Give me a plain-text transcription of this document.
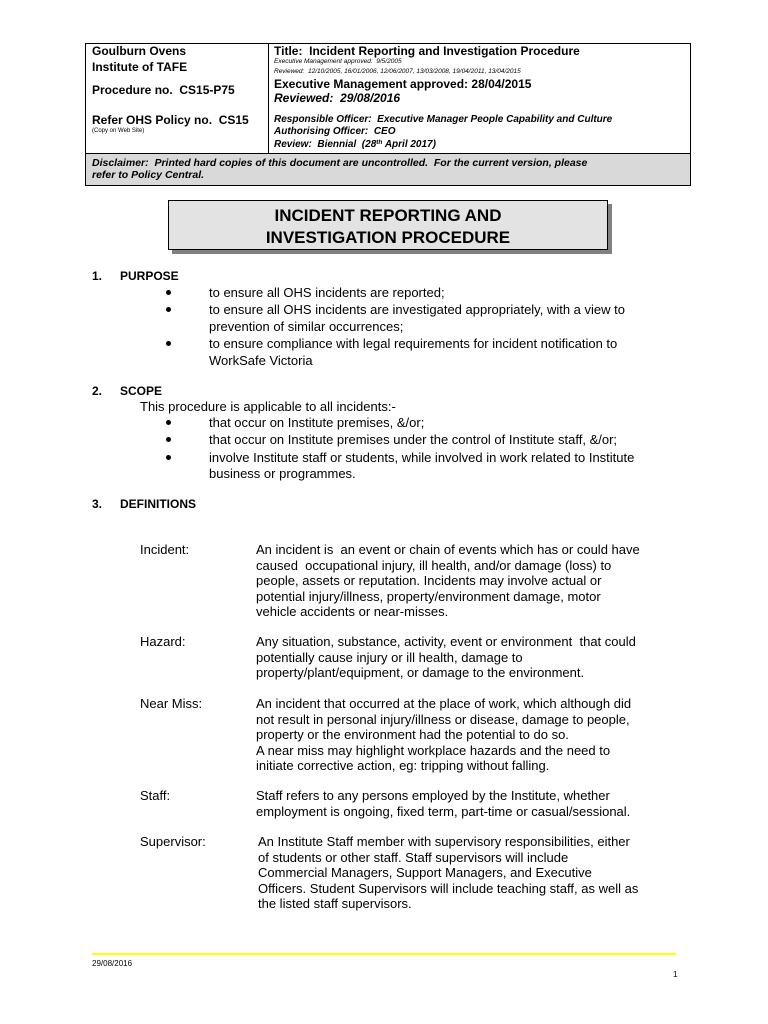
Goulburn Ovens
Institute of TAFE
Procedure no.  CS15-P75
Refer OHS Policy no.  CS15
(Copy on Web Site)
Title:  Incident Reporting and Investigation Procedure
Executive Management approved:  9/5/2005
Reviewed:  12/10/2005, 16/01/2006, 12/06/2007, 13/03/2008, 19/04/2011, 13/04/2015
Executive Management approved: 28/04/2015
Reviewed:  29/08/2016
Responsible Officer:  Executive Manager People Capability and Culture
Authorising Officer:  CEO
Review:  Biennial  (28th April 2017)
Disclaimer:  Printed hard copies of this document are uncontrolled.  For the current version, please
refer to Policy Central.
INCIDENT REPORTING AND
INVESTIGATION PROCEDURE
1. PURPOSE
to ensure all OHS incidents are reported;
to ensure all OHS incidents are investigated appropriately, with a view to
prevention of similar occurrences;
to ensure compliance with legal requirements for incident notification to
WorkSafe Victoria
2. SCOPE
This procedure is applicable to all incidents:-
that occur on Institute premises, &/or;
that occur on Institute premises under the control of Institute staff, &/or;
involve Institute staff or students, while involved in work related to Institute
business or programmes.
3. DEFINITIONS
Incident:	An incident is  an event or chain of events which has or could have
caused  occupational injury, ill health, and/or damage (loss) to
people, assets or reputation. Incidents may involve actual or
potential injury/illness, property/environment damage, motor
vehicle accidents or near-misses.
Hazard:	Any situation, substance, activity, event or environment  that could
potentially cause injury or ill health, damage to
property/plant/equipment, or damage to the environment.
Near Miss:	An incident that occurred at the place of work, which although did
not result in personal injury/illness or disease, damage to people,
property or the environment had the potential to do so.
A near miss may highlight workplace hazards and the need to
initiate corrective action, eg: tripping without falling.
Staff:	Staff refers to any persons employed by the Institute, whether
employment is ongoing, fixed term, part-time or casual/sessional.
Supervisor:	An Institute Staff member with supervisory responsibilities, either
of students or other staff. Staff supervisors will include
Commercial Managers, Support Managers, and Executive
Officers. Student Supervisors will include teaching staff, as well as
the listed staff supervisors.
29/08/2016
1
